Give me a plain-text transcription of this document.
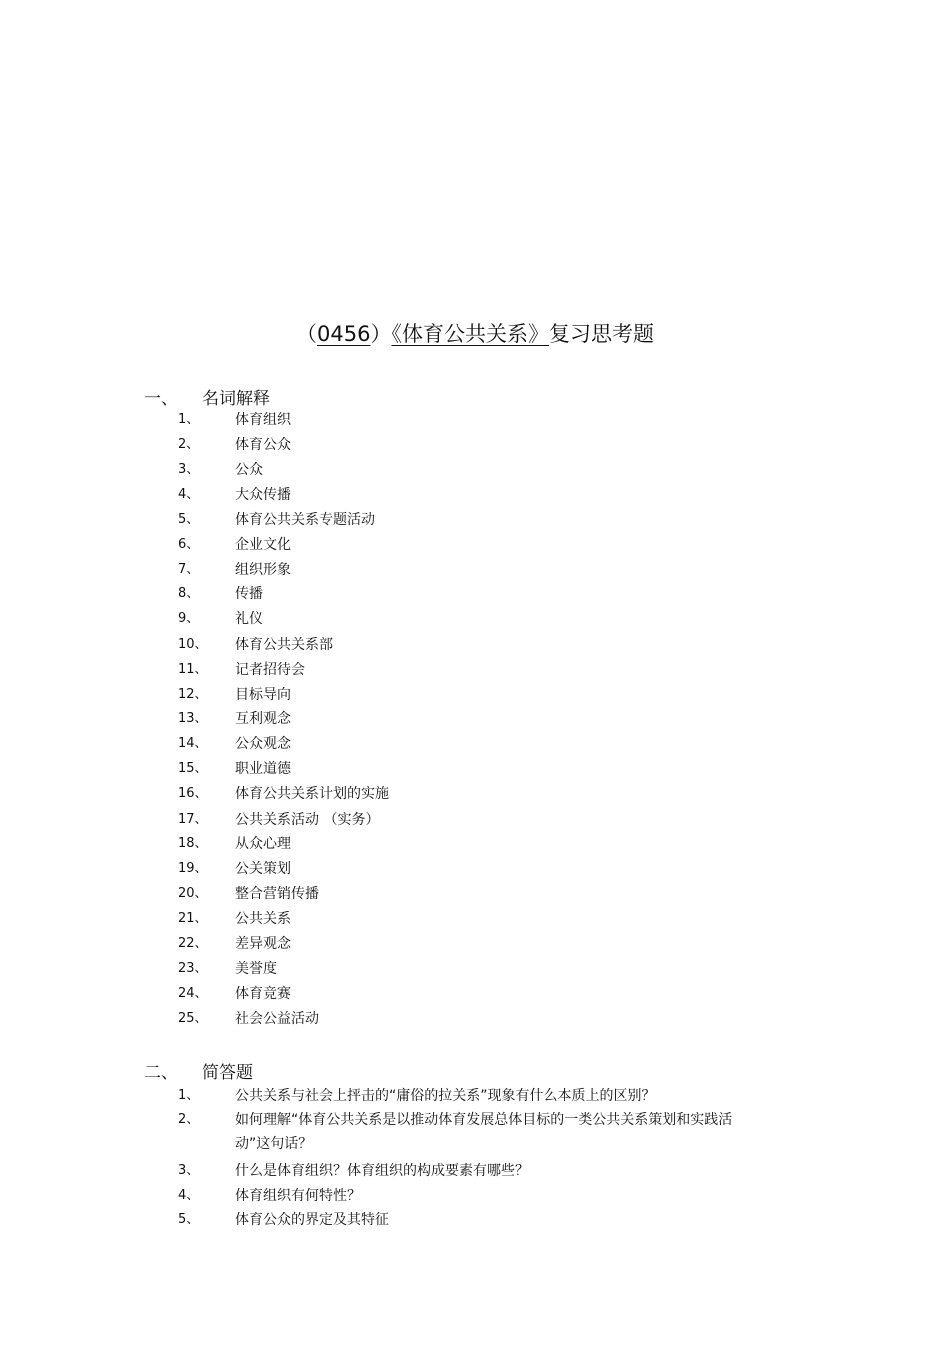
（0456）《体育公共关系》复习思考题
一、 名词解释
1、	体育组织
2、	体育公众
3、	公众
4、	大众传播
5、	体育公共关系专题活动
6、	企业文化
7、	组织形象
8、	传播
9、	礼仪
10、 体育公共关系部
11、 记者招待会
12、 目标导向
13、 互利观念
14、 公众观念
15、 职业道德
16、 体育公共关系计划的实施
17、 公共关系活动 （实务）
18、 从众心理
19、 公关策划
20、 整合营销传播
21、 公共关系
22、 差异观念
23、 美誉度
24、 体育竞赛
25、 社会公益活动
二、 简答题
1、	公共关系与社会上抨击的“庸俗的拉关系”现象有什么本质上的区别？
2、	如何理解“体育公共关系是以推动体育发展总体目标的一类公共关系策划和实践活动”这句话？
3、	什么是体育组织？体育组织的构成要素有哪些？
4、	体育组织有何特性？
5、	体育公众的界定及其特征
